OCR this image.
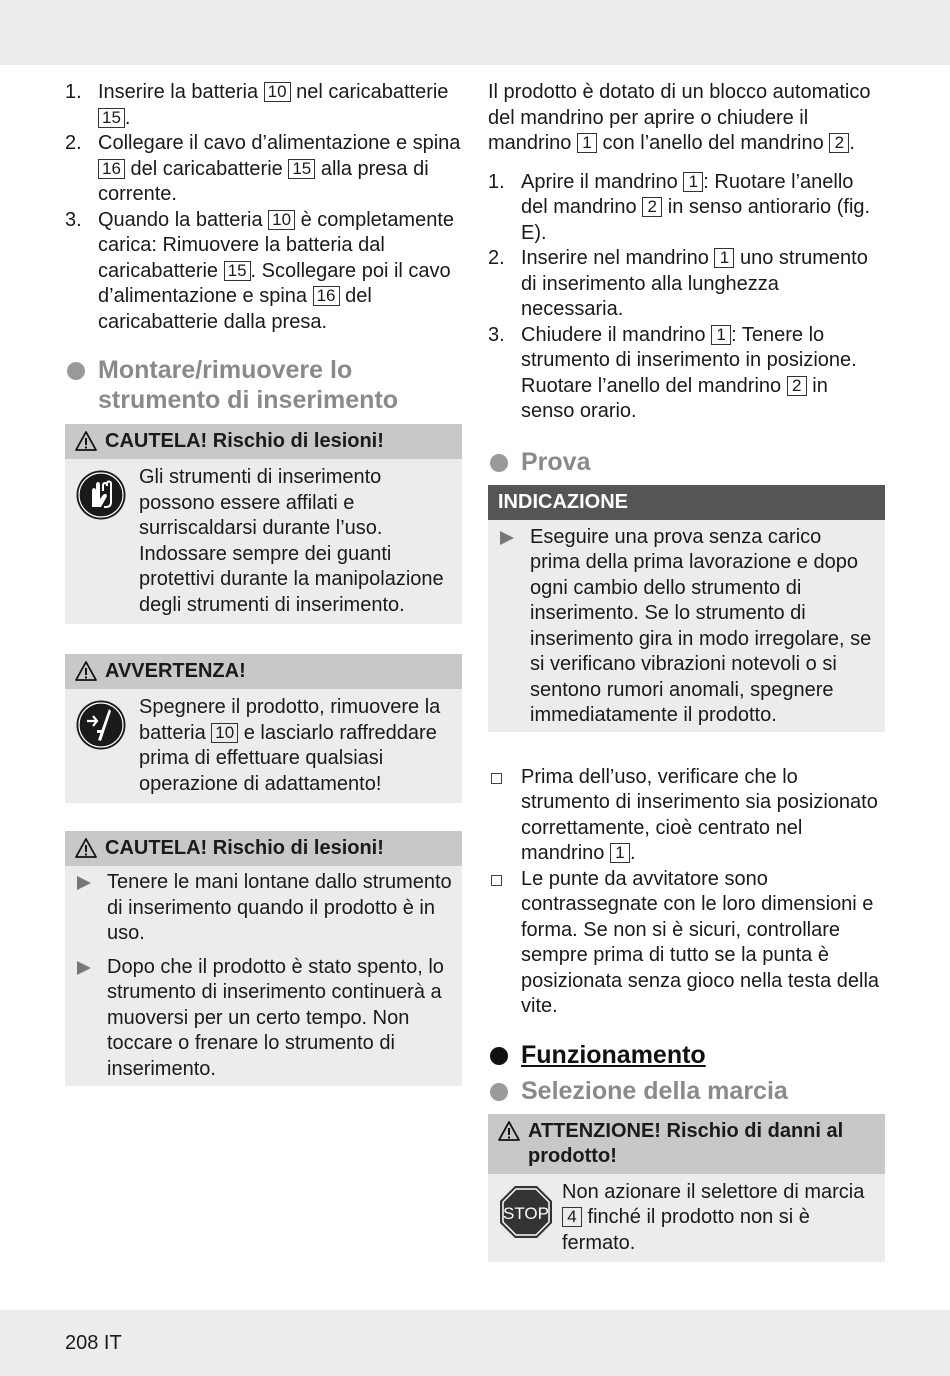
1. Inserire la batteria 10 nel caricabatterie 15 .
2. Collegare il cavo d’alimentazione e spina 16 del caricabatterie 15 alla presa di corrente.
3. Quando la batteria 10 è completamente carica: Rimuovere la batteria dal caricabatterie 15 . Scollegare poi il cavo d’alimentazione e spina 16 del caricabatterie dalla presa.
Montare/rimuovere lo strumento di inserimento
CAUTELA! Rischio di lesioni!
Gli strumenti di inserimento possono essere affilati e surriscaldarsi durante l’uso. Indossare sempre dei guanti protettivi durante la manipolazione degli strumenti di inserimento.
AVVERTENZA!
Spegnere il prodotto, rimuovere la batteria 10 e lasciarlo raffreddare prima di effettuare qualsiasi operazione di adattamento!
CAUTELA! Rischio di lesioni!
Tenere le mani lontane dallo strumento di inserimento quando il prodotto è in uso.
Dopo che il prodotto è stato spento, lo strumento di inserimento continuerà a muoversi per un certo tempo. Non toccare o frenare lo strumento di inserimento.
Il prodotto è dotato di un blocco automatico del mandrino per aprire o chiudere il mandrino 1 con l’anello del mandrino 2 .
1. Aprire il mandrino 1 : Ruotare l’anello del mandrino 2 in senso antiorario (fig. E).
2. Inserire nel mandrino 1 uno strumento di inserimento alla lunghezza necessaria.
3. Chiudere il mandrino 1 : Tenere lo strumento di inserimento in posizione. Ruotare l’anello del mandrino 2 in senso orario.
Prova
INDICAZIONE
Eseguire una prova senza carico prima della prima lavorazione e dopo ogni cambio dello strumento di inserimento. Se lo strumento di inserimento gira in modo irregolare, se si verificano vibrazioni notevoli o si sentono rumori anomali, spegnere immediatamente il prodotto.
Prima dell’uso, verificare che lo strumento di inserimento sia posizionato correttamente, cioè centrato nel mandrino 1 .
Le punte da avvitatore sono contrassegnate con le loro dimensioni e forma. Se non si è sicuri, controllare sempre prima di tutto se la punta è posizionata senza gioco nella testa della vite.
Funzionamento
Selezione della marcia
ATTENZIONE! Rischio di danni al prodotto!
STOP
Non azionare il selettore di marcia 4 finché il prodotto non si è fermato.
208 IT
